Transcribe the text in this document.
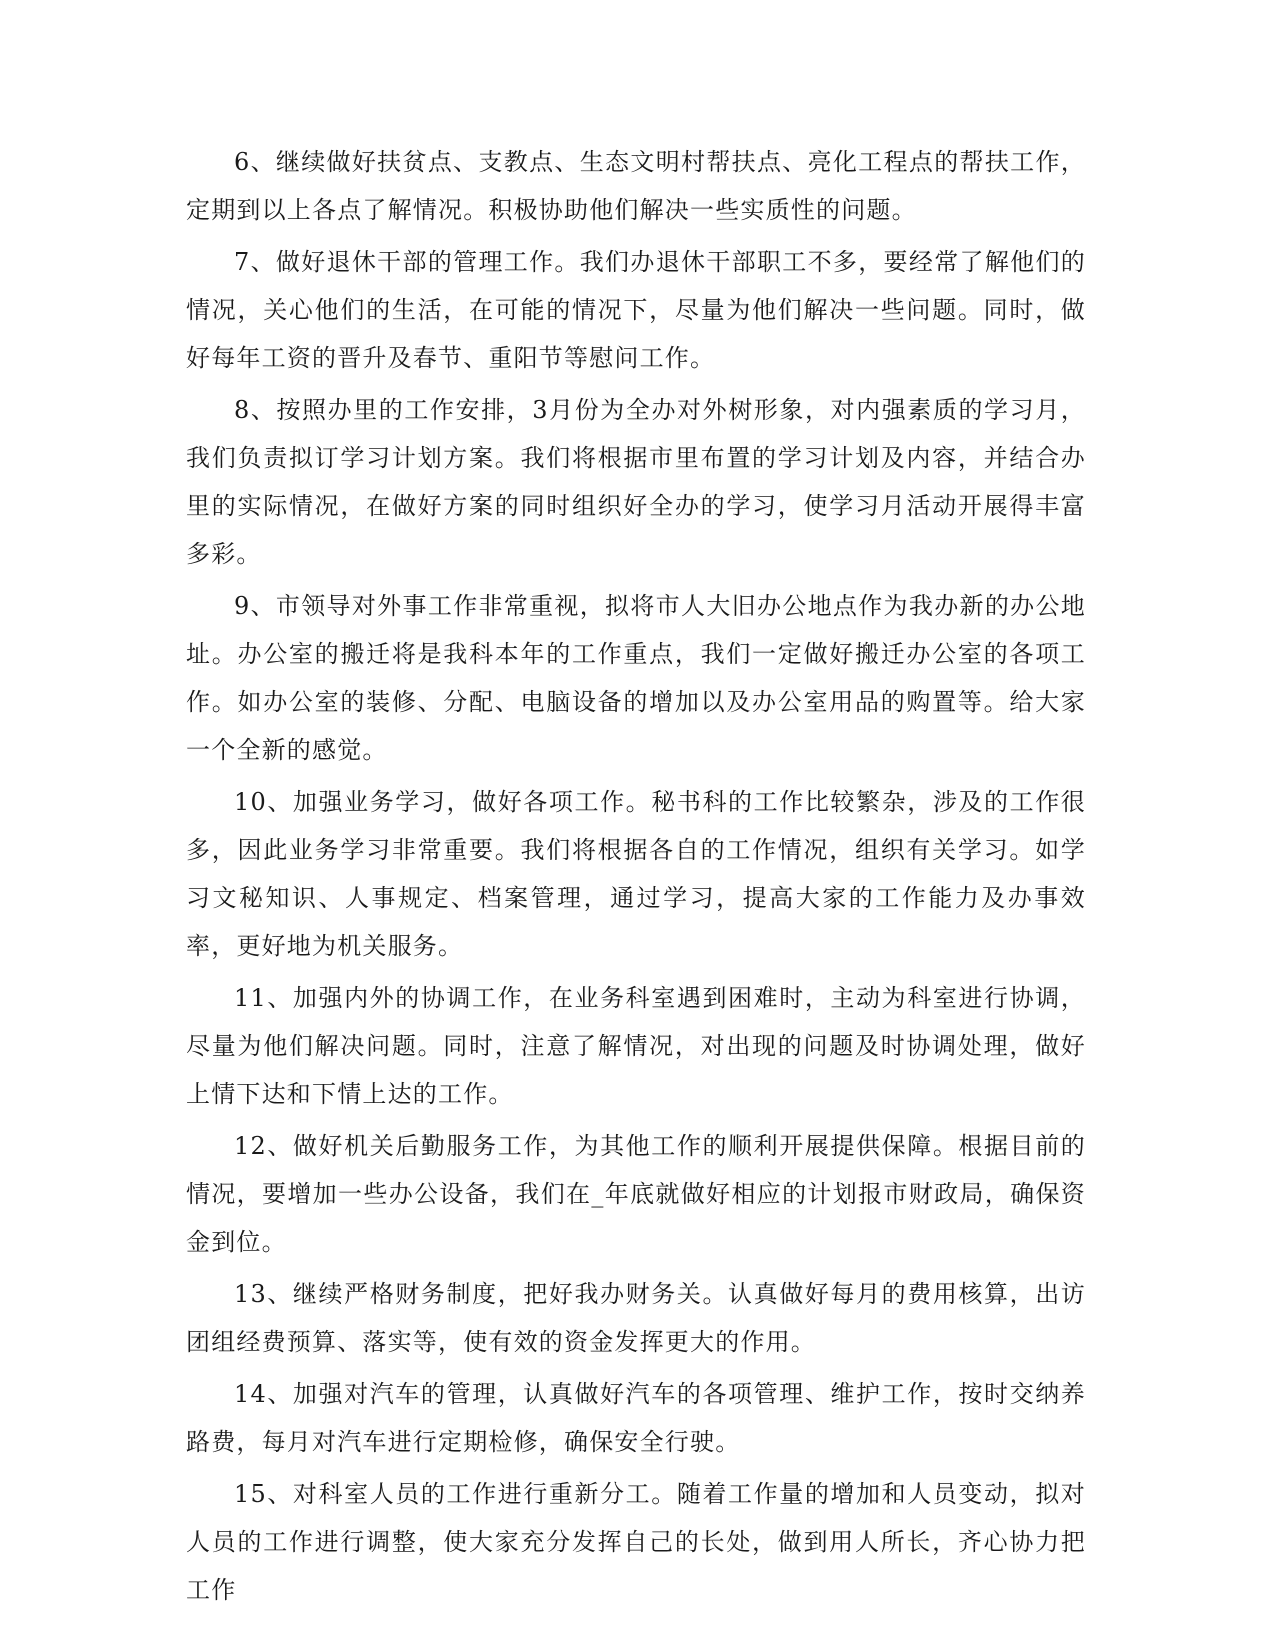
6、继续做好扶贫点、支教点、生态文明村帮扶点、亮化工程点的帮扶工作，定期到以上各点了解情况。积极协助他们解决一些实质性的问题。

7、做好退休干部的管理工作。我们办退休干部职工不多，要经常了解他们的情况，关心他们的生活，在可能的情况下，尽量为他们解决一些问题。同时，做好每年工资的晋升及春节、重阳节等慰问工作。

8、按照办里的工作安排，3月份为全办对外树形象，对内强素质的学习月，我们负责拟订学习计划方案。我们将根据市里布置的学习计划及内容，并结合办里的实际情况，在做好方案的同时组织好全办的学习，使学习月活动开展得丰富多彩。

9、市领导对外事工作非常重视，拟将市人大旧办公地点作为我办新的办公地址。办公室的搬迁将是我科本年的工作重点，我们一定做好搬迁办公室的各项工作。如办公室的装修、分配、电脑设备的增加以及办公室用品的购置等。给大家一个全新的感觉。

10、加强业务学习，做好各项工作。秘书科的工作比较繁杂，涉及的工作很多，因此业务学习非常重要。我们将根据各自的工作情况，组织有关学习。如学习文秘知识、人事规定、档案管理，通过学习，提高大家的工作能力及办事效率，更好地为机关服务。

11、加强内外的协调工作，在业务科室遇到困难时，主动为科室进行协调，尽量为他们解决问题。同时，注意了解情况，对出现的问题及时协调处理，做好上情下达和下情上达的工作。

12、做好机关后勤服务工作，为其他工作的顺利开展提供保障。根据目前的情况，要增加一些办公设备，我们在_年底就做好相应的计划报市财政局，确保资金到位。

13、继续严格财务制度，把好我办财务关。认真做好每月的费用核算，出访团组经费预算、落实等，使有效的资金发挥更大的作用。

14、加强对汽车的管理，认真做好汽车的各项管理、维护工作，按时交纳养路费，每月对汽车进行定期检修，确保安全行驶。

15、对科室人员的工作进行重新分工。随着工作量的增加和人员变动，拟对人员的工作进行调整，使大家充分发挥自己的长处，做到用人所长，齐心协力把工作
